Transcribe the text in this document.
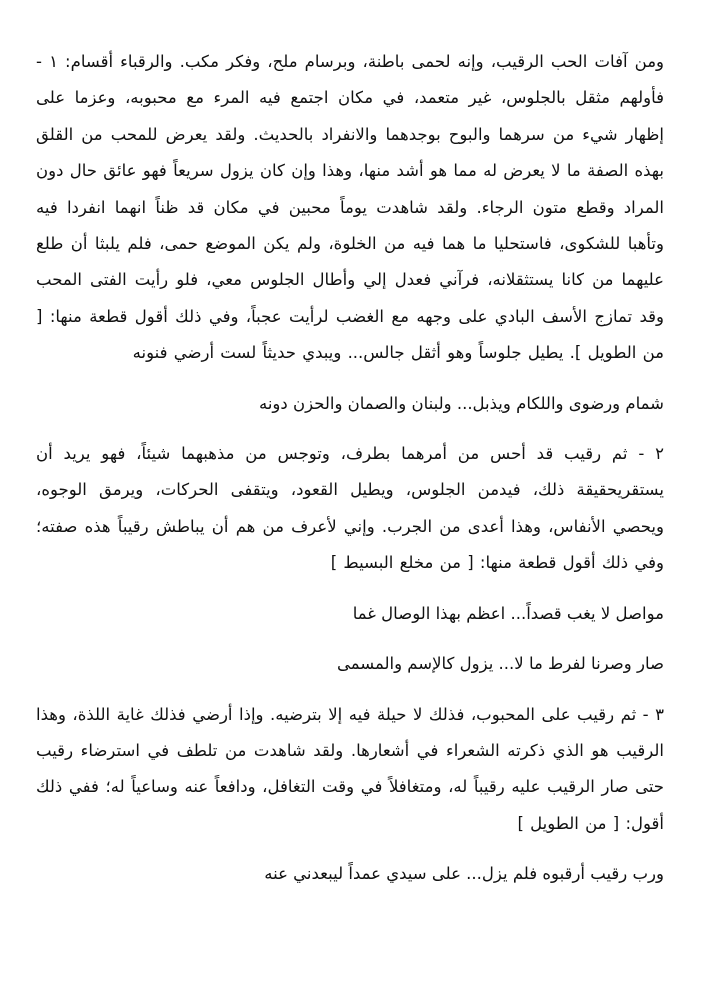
ومن آفات الحب الرقيب، وإنه لحمى باطنة، وبرسام ملح، وفكر مكب. والرقباء أقسام: ١ - فأولهم مثقل بالجلوس، غير متعمد، في مكان اجتمع فيه المرء مع محبوبه، وعزما على إظهار شيء من سرهما والبوح بوجدهما والانفراد بالحديث. ولقد يعرض للمحب من القلق بهذه الصفة ما لا يعرض له مما هو أشد منها، وهذا وإن كان يزول سريعاً فهو عائق حال دون المراد وقطع متون الرجاء. ولقد شاهدت يوماً محبين في مكان قد ظناً انهما انفردا فيه وتأهبا للشكوى، فاستحليا ما هما فيه من الخلوة، ولم يكن الموضع حمى، فلم يلبثا أن طلع عليهما من كانا يستثقلانه، فرآني فعدل إلي وأطال الجلوس معي، فلو رأيت الفتى المحب وقد تمازج الأسف البادي على وجهه مع الغضب لرأيت عجباً، وفي ذلك أقول قطعة منها: [ من الطويل ]. يطيل جلوساً وهو أثقل جالس... ويبدي حديثاً لست أرضي فنونه

شمام ورضوى واللكام ويذبل... ولبنان والصمان والحزن دونه

٢ - ثم رقيب قد أحس من أمرهما بطرف، وتوجس من مذهبهما شيئاً، فهو يريد أن يستقريحقيقة ذلك، فيدمن الجلوس، ويطيل القعود، ويتقفى الحركات، ويرمق الوجوه، ويحصي الأنفاس، وهذا أعدى من الجرب. وإني لأعرف من هم أن يباطش رقيباً هذه صفته؛ وفي ذلك أقول قطعة منها: [ من مخلع البسيط ]

مواصل لا يغب قصداً... اعظم بهذا الوصال غما

صار وصرنا لفرط ما لا... يزول كالإسم والمسمى

٣ - ثم رقيب على المحبوب، فذلك لا حيلة فيه إلا بترضيه. وإذا أرضي فذلك غاية اللذة، وهذا الرقيب هو الذي ذكرته الشعراء في أشعارها. ولقد شاهدت من تلطف في استرضاء رقيب حتى صار الرقيب عليه رقيباً له، ومتغافلاً في وقت التغافل، ودافعاً عنه وساعياً له؛ ففي ذلك أقول: [ من الطويل ]

ورب رقيب أرقبوه فلم يزل... على سيدي عمداً ليبعدني عنه
